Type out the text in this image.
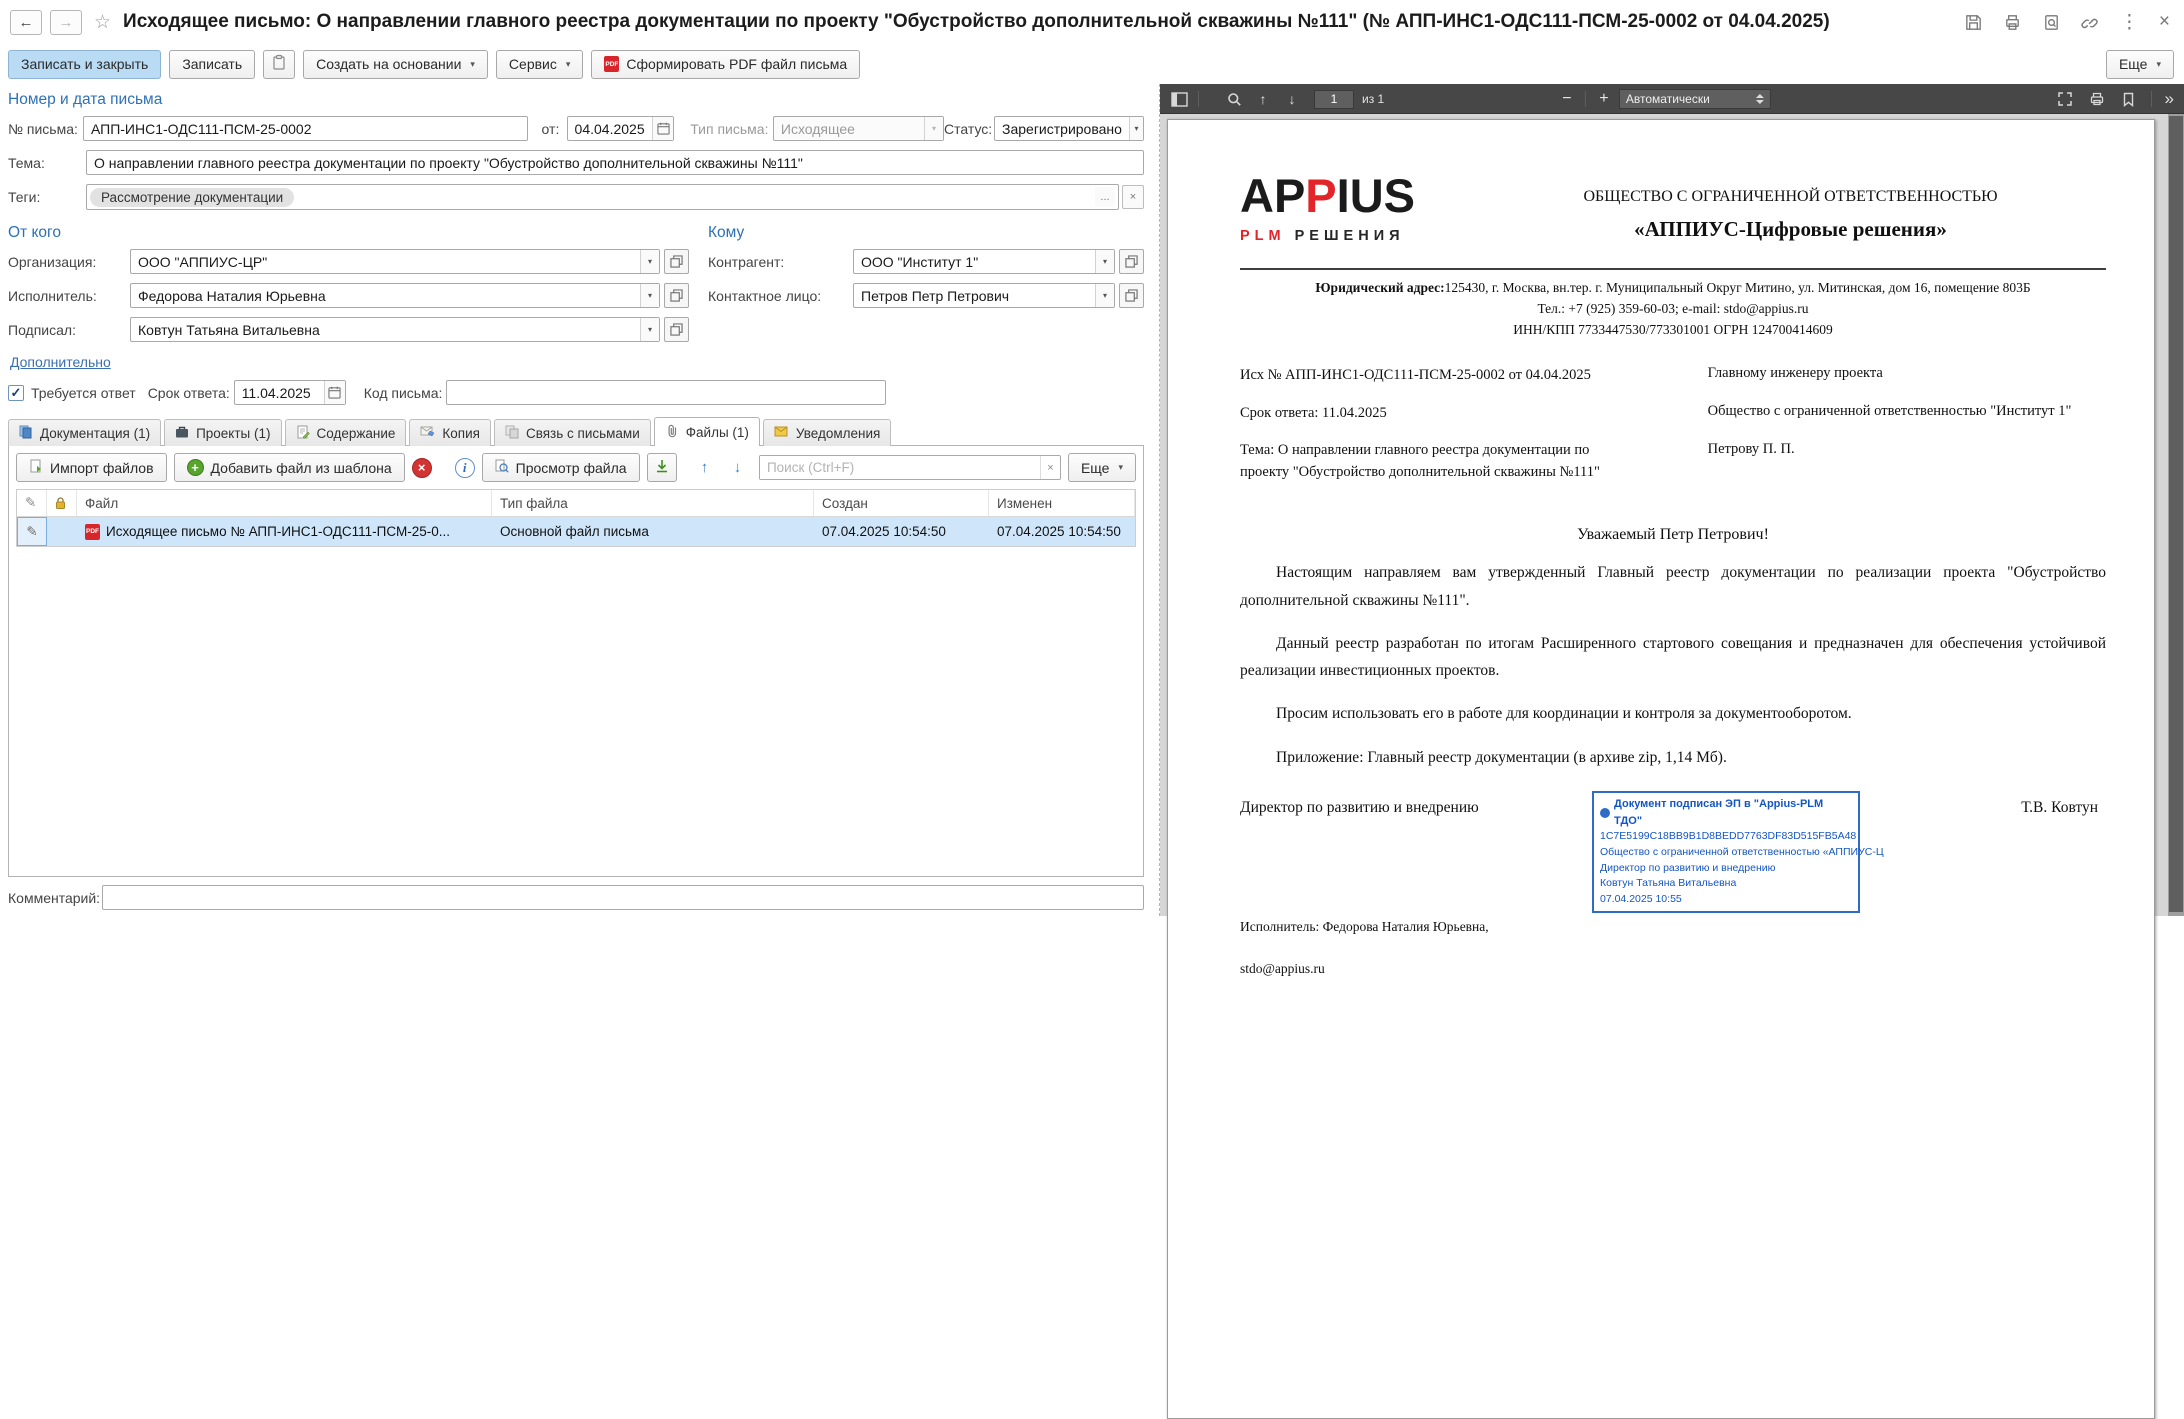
← → ☆ Исходящее письмо: О направлении главного реестра документации по проекту "Обустройство дополнительной скважины №111" (№ АПП-ИНС1-ОДС111-ПСМ-25-0002 от 04.04.2025)	⋮ ×
Записать и закрыть Записать	Создать на основании ▾ Сервис ▾	PDF Сформировать PDF файл письма	Еще ▾
Номер и дата письма
№ письма: АПП-ИНС1-ОДС111-ПСМ-25-0002	от:	04.04.2025	Тип письма: Исходящее	▾ Статус: Зарегистрировано	▾
Тема:	О направлении главного реестра документации по проекту "Обустройство дополнительной скважины №111"
Теги:	Рассмотрение документации	...	×
От кого
Организация:	ООО "АППИУС-ЦР"	▾
Исполнитель:	Федорова Наталия Юрьевна	▾
Подписал:	Ковтун Татьяна Витальевна	▾
Кому
Контрагент:	ООО "Институт 1"	▾
Контактное лицо:	Петров Петр Петрович	▾
Дополнительно
✓ Требуется ответ Срок ответа: 11.04.2025	Код письма:
Документация (1)	Проекты (1)	Содержание	Копия	Связь с письмами	Файлы (1)	Уведомления
Импорт файлов	+ Добавить файл из шаблона ×	i	Просмотр файла	↑ ↓
Поиск (Ctrl+F)	×	Еще ▾
✎	Файл	Тип файла	Создан	Изменен
✎	PDF Исходящее письмо № АПП-ИНС1-ОДС111-ПСМ-25-0...	Основной файл письма	07.04.2025 10:54:50	07.04.2025 10:54:50
Комментарий:
↑ ↓
1	из 1	− + Автоматически	»
APPIUS
PLM РЕШЕНИЯ
ОБЩЕСТВО С ОГРАНИЧЕННОЙ ОТВЕТСТВЕННОСТЬЮ
«АППИУС-Цифровые решения»
Юридический адрес:125430, г. Москва, вн.тер. г. Муниципальный Округ Митино, ул. Митинская, дом 16, помещение 803Б
Тел.: +7 (925) 359-60-03; e-mail: stdo@appius.ru
ИНН/КПП 7733447530/773301001 ОГРН 124700414609
Исх № АПП-ИНС1-ОДС111-ПСМ-25-0002 от 04.04.2025
Срок ответа: 11.04.2025
Тема: О направлении главного реестра документации по проекту "Обустройство дополнительной скважины №111"
Главному инженеру проекта
Общество с ограниченной ответственностью "Институт 1"
Петрову П. П.
Уважаемый Петр Петрович!
Настоящим направляем вам утвержденный Главный реестр документации по реализации проекта "Обустройство дополнительной скважины №111".
Данный реестр разработан по итогам Расширенного стартового совещания и предназначен для обеспечения устойчивой реализации инвестиционных проектов.
Просим использовать его в работе для координации и контроля за документооборотом.
Приложение: Главный реестр документации (в архиве zip, 1,14 Мб).
Директор по развитию и внедрению	Документ подписан ЭП в "Appius-PLM ТДО"
1C7E5199C18BB9B1D8BEDD7763DF83D515FB5A48
Общество с ограниченной ответственностью «АППИУС-Ц
Директор по развитию и внедрению
Ковтун Татьяна Витальевна
07.04.2025 10:55
Т.В. Ковтун
Исполнитель: Федорова Наталия Юрьевна,
stdo@appius.ru
